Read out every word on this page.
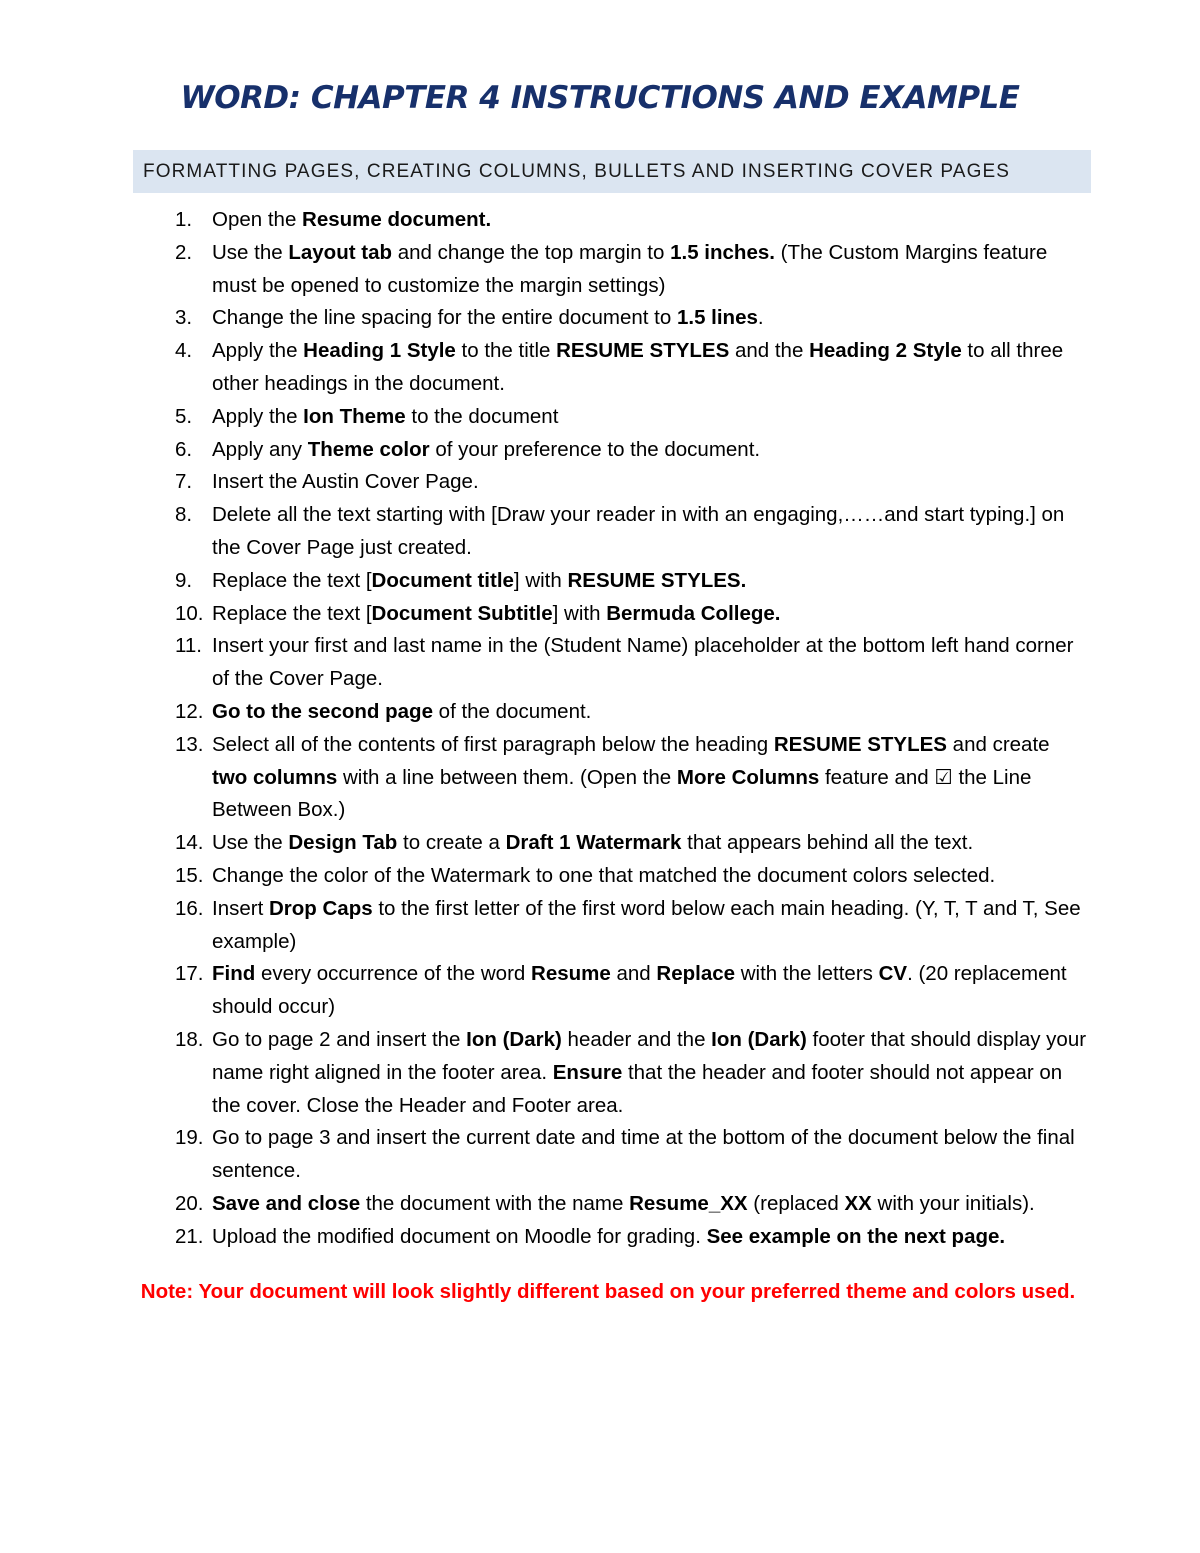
WORD: CHAPTER 4 INSTRUCTIONS AND EXAMPLE
FORMATTING PAGES, CREATING COLUMNS, BULLETS AND INSERTING COVER PAGES
1. Open the Resume document.
2. Use the Layout tab and change the top margin to 1.5 inches. (The Custom Margins feature must be opened to customize the margin settings)
3. Change the line spacing for the entire document to 1.5 lines.
4. Apply the Heading 1 Style to the title RESUME STYLES and the Heading 2 Style to all three other headings in the document.
5. Apply the Ion Theme to the document
6. Apply any Theme color of your preference to the document.
7. Insert the Austin Cover Page.
8. Delete all the text starting with [Draw your reader in with an engaging,……and start typing.] on the Cover Page just created.
9. Replace the text [Document title] with RESUME STYLES.
10. Replace the text [Document Subtitle] with Bermuda College.
11. Insert your first and last name in the (Student Name) placeholder at the bottom left hand corner of the Cover Page.
12. Go to the second page of the document.
13. Select all of the contents of first paragraph below the heading RESUME STYLES and create two columns with a line between them. (Open the More Columns feature and ☑ the Line Between Box.)
14. Use the Design Tab to create a Draft 1 Watermark that appears behind all the text.
15. Change the color of the Watermark to one that matched the document colors selected.
16. Insert Drop Caps to the first letter of the first word below each main heading. (Y, T, T and T, See example)
17. Find every occurrence of the word Resume and Replace with the letters CV. (20 replacement should occur)
18. Go to page 2 and insert the Ion (Dark) header and the Ion (Dark) footer that should display your name right aligned in the footer area. Ensure that the header and footer should not appear on the cover. Close the Header and Footer area.
19. Go to page 3 and insert the current date and time at the bottom of the document below the final sentence.
20. Save and close the document with the name Resume_XX (replaced XX with your initials).
21. Upload the modified document on Moodle for grading. See example on the next page.
Note: Your document will look slightly different based on your preferred theme and colors used.
